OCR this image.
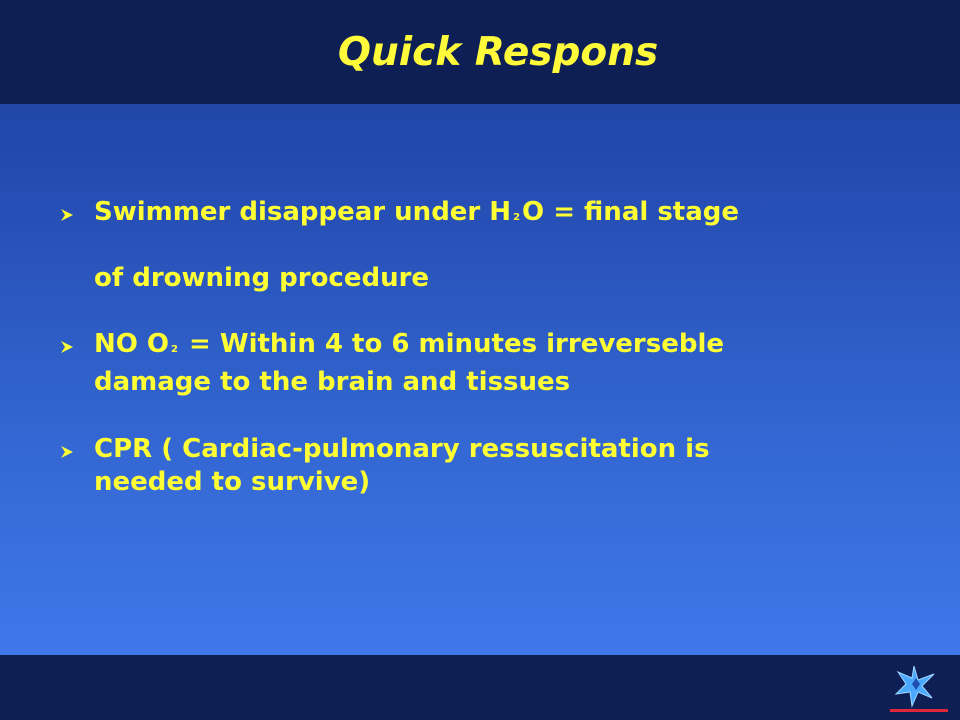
Quick Respons
Swimmer disappear under H 2O = final stage
of drowning procedure
NO O 2 = Within 4 to 6 minutes irreverseble
damage to the brain and tissues
CPR ( Cardiac-pulmonary ressuscitation is
needed to survive)
